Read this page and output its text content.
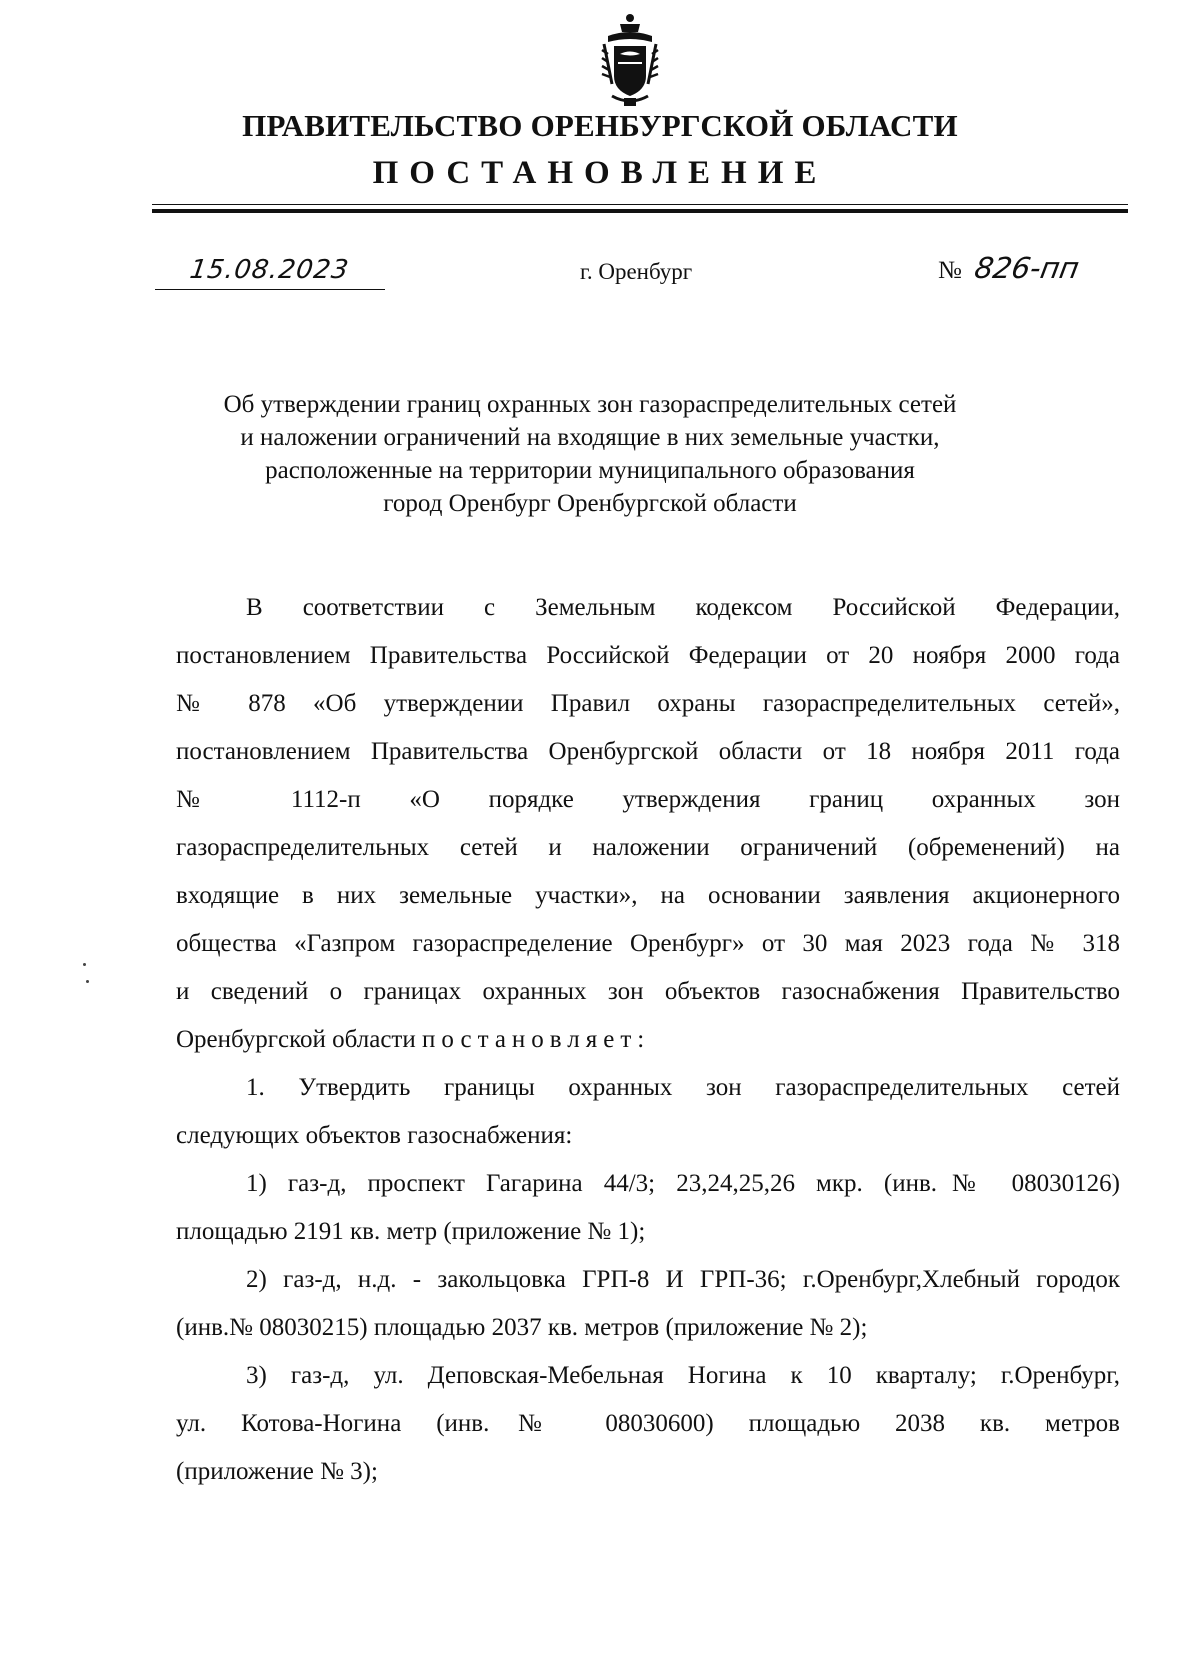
ПРАВИТЕЛЬСТВО ОРЕНБУРГСКОЙ ОБЛАСТИ
ПОСТАНОВЛЕНИЕ
15.08.2023	г. Оренбург	№ 826-пп
Об утверждении границ охранных зон газораспределительных сетей
и наложении ограничений на входящие в них земельные участки,
расположенные на территории муниципального образования
город Оренбург Оренбургской области
В соответствии с Земельным кодексом Российской Федерации,
постановлением Правительства Российской Федерации от 20 ноября 2000 года
№ 878 «Об утверждении Правил охраны газораспределительных сетей»,
постановлением Правительства Оренбургской области от 18 ноября 2011 года
№ 1112-п «О порядке утверждения границ охранных зон
газораспределительных сетей и наложении ограничений (обременений) на
входящие в них земельные участки», на основании заявления акционерного
общества «Газпром газораспределение Оренбург» от 30 мая 2023 года № 318
и сведений о границах охранных зон объектов газоснабжения Правительство
Оренбургской области постановляет:
1. Утвердить границы охранных зон газораспределительных сетей
следующих объектов газоснабжения:
1) газ-д, проспект Гагарина 44/3; 23,24,25,26 мкр. (инв.№ 08030126)
площадью 2191 кв. метр (приложение № 1);
2) газ-д, н.д. - закольцовка ГРП-8 И ГРП-36; г.Оренбург,Хлебный городок
(инв.№ 08030215) площадью 2037 кв. метров (приложение № 2);
3) газ-д, ул. Деповская-Мебельная Ногина к 10 кварталу; г.Оренбург,
ул. Котова-Ногина (инв.№ 08030600) площадью 2038 кв. метров
(приложение № 3);
